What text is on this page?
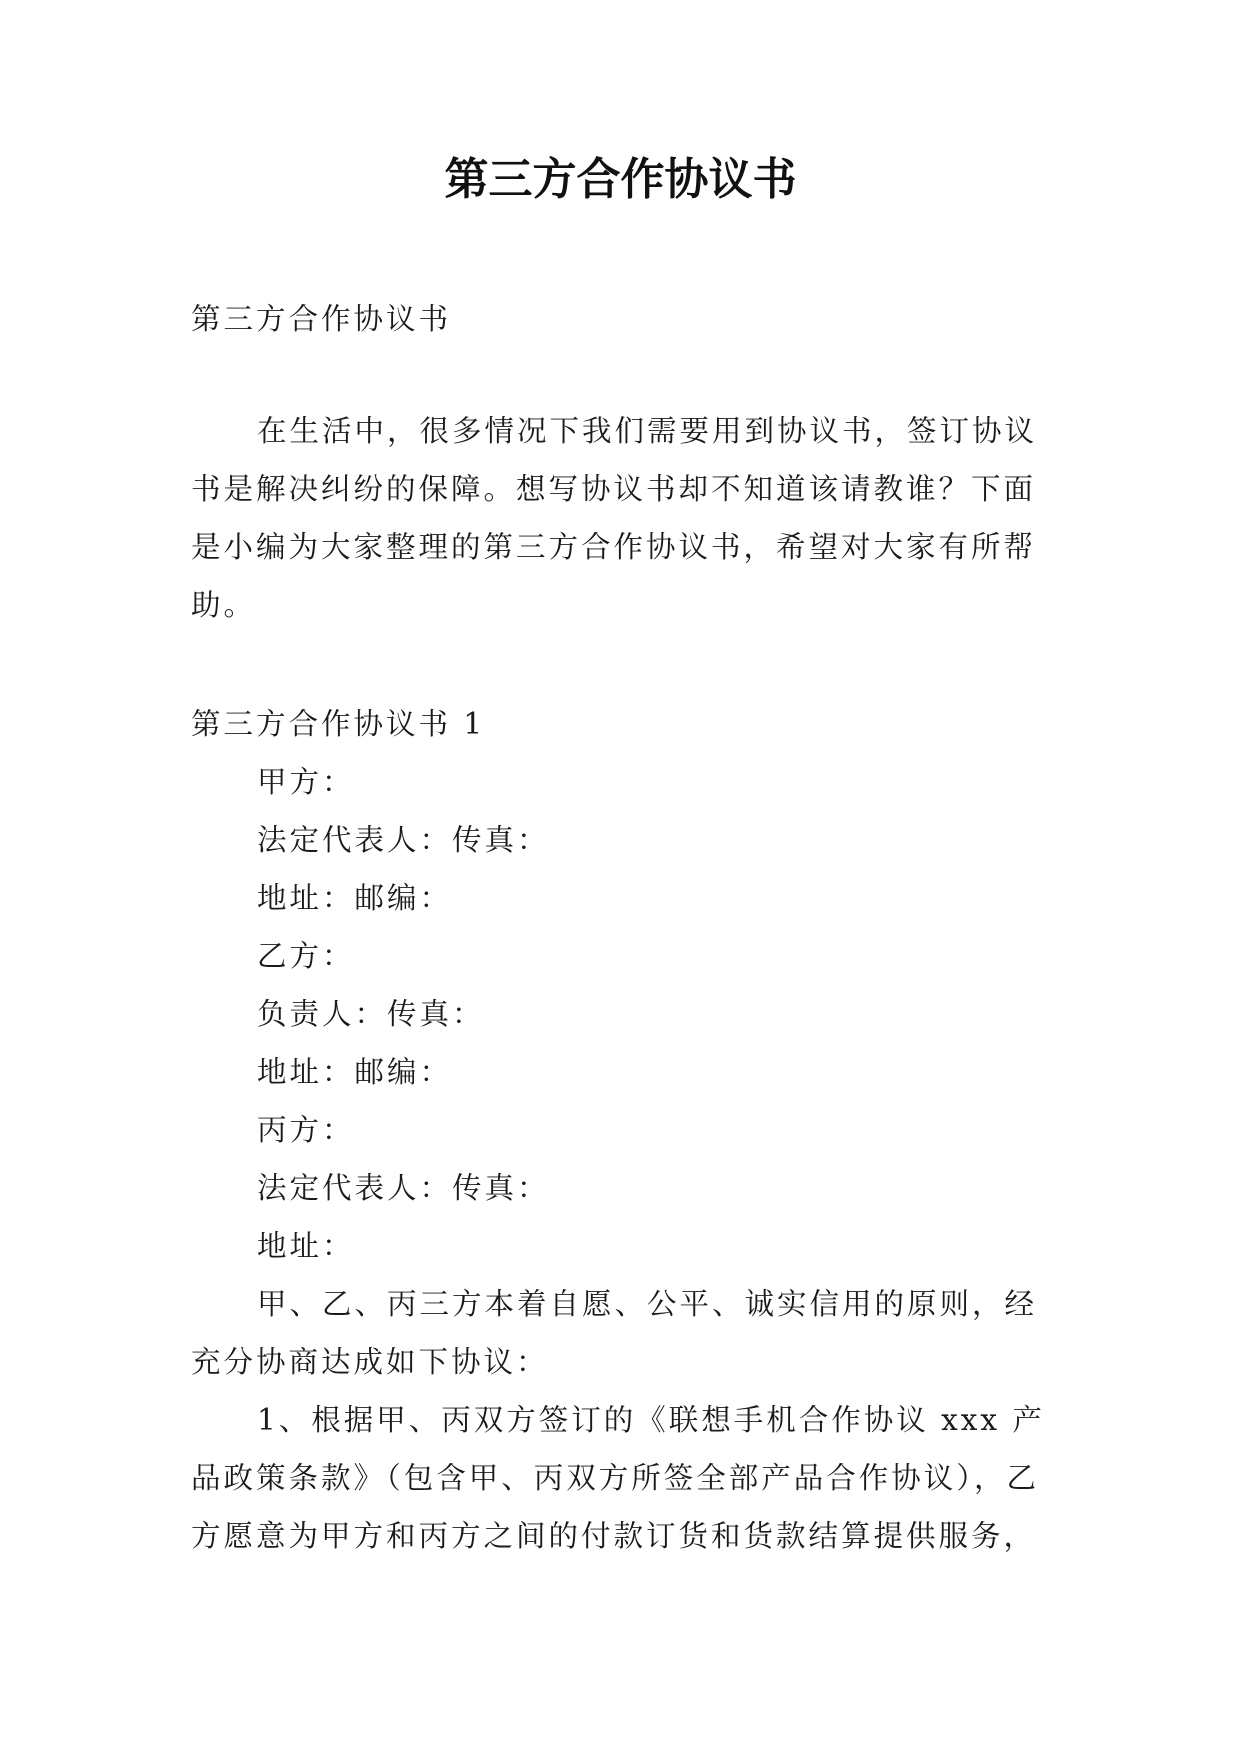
第三方合作协议书
第三方合作协议书
在生活中，很多情况下我们需要用到协议书，签订协议
书是解决纠纷的保障。想写协议书却不知道该请教谁？下面
是小编为大家整理的第三方合作协议书，希望对大家有所帮
助。
第三方合作协议书 1
甲方：
法定代表人：传真：
地址：邮编：
乙方：
负责人：传真：
地址：邮编：
丙方：
法定代表人：传真：
地址：
甲、乙、丙三方本着自愿、公平、诚实信用的原则，经
充分协商达成如下协议：
1、根据甲、丙双方签订的《联想手机合作协议 xxx 产
品政策条款》（包含甲、丙双方所签全部产品合作协议），乙
方愿意为甲方和丙方之间的付款订货和货款结算提供服务，
